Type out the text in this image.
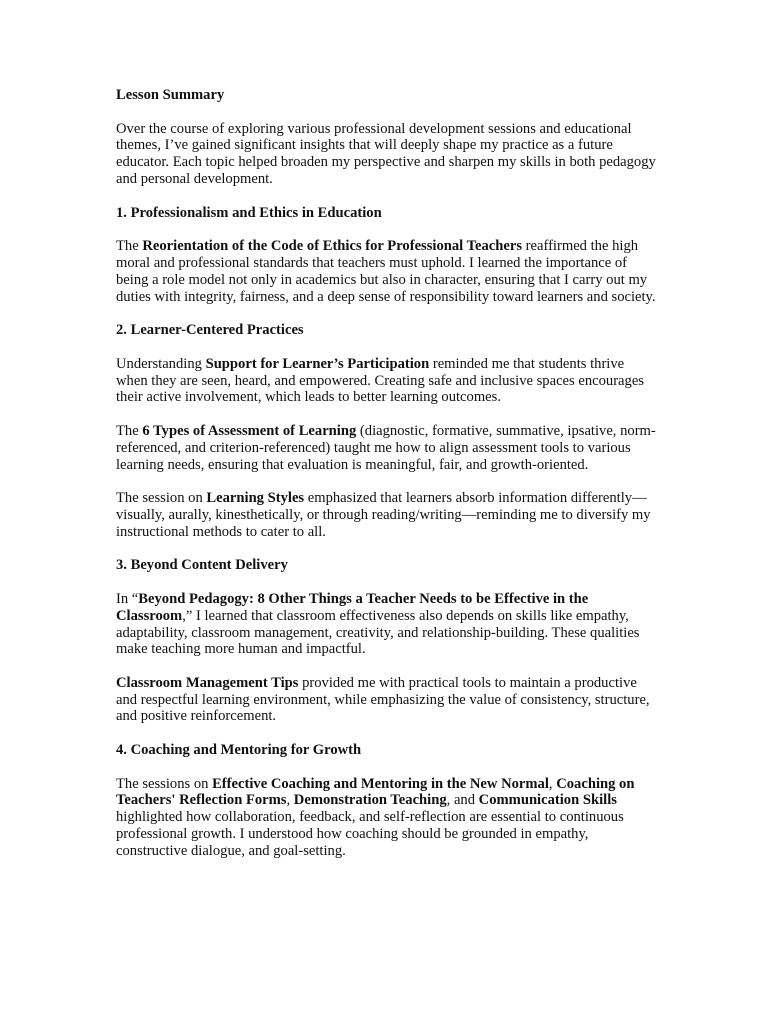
Lesson Summary

Over the course of exploring various professional development sessions and educational themes, I’ve gained significant insights that will deeply shape my practice as a future educator. Each topic helped broaden my perspective and sharpen my skills in both pedagogy and personal development.

1. Professionalism and Ethics in Education

The Reorientation of the Code of Ethics for Professional Teachers reaffirmed the high moral and professional standards that teachers must uphold. I learned the importance of being a role model not only in academics but also in character, ensuring that I carry out my duties with integrity, fairness, and a deep sense of responsibility toward learners and society.

2. Learner-Centered Practices

Understanding Support for Learner’s Participation reminded me that students thrive when they are seen, heard, and empowered. Creating safe and inclusive spaces encourages their active involvement, which leads to better learning outcomes.

The 6 Types of Assessment of Learning (diagnostic, formative, summative, ipsative, norm-referenced, and criterion-referenced) taught me how to align assessment tools to various learning needs, ensuring that evaluation is meaningful, fair, and growth-oriented.

The session on Learning Styles emphasized that learners absorb information differently—visually, aurally, kinesthetically, or through reading/writing—reminding me to diversify my instructional methods to cater to all.

3. Beyond Content Delivery

In “Beyond Pedagogy: 8 Other Things a Teacher Needs to be Effective in the Classroom,” I learned that classroom effectiveness also depends on skills like empathy, adaptability, classroom management, creativity, and relationship-building. These qualities make teaching more human and impactful.

Classroom Management Tips provided me with practical tools to maintain a productive and respectful learning environment, while emphasizing the value of consistency, structure, and positive reinforcement.

4. Coaching and Mentoring for Growth

The sessions on Effective Coaching and Mentoring in the New Normal, Coaching on Teachers' Reflection Forms, Demonstration Teaching, and Communication Skills highlighted how collaboration, feedback, and self-reflection are essential to continuous professional growth. I understood how coaching should be grounded in empathy, constructive dialogue, and goal-setting.
